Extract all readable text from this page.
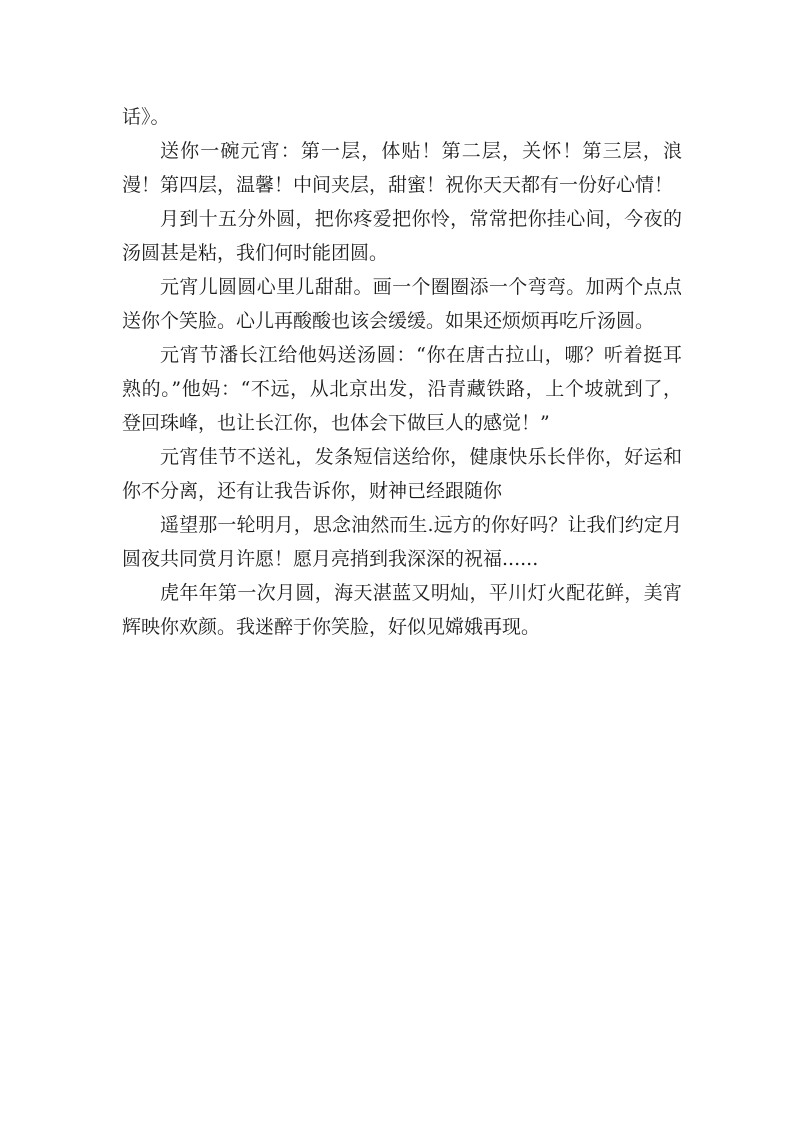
话》。

送你一碗元宵：第一层，体贴！第二层，关怀！第三层，浪漫！第四层，温馨！中间夹层，甜蜜！祝你天天都有一份好心情！

月到十五分外圆，把你疼爱把你怜，常常把你挂心间，今夜的汤圆甚是粘，我们何时能团圆。

元宵儿圆圆心里儿甜甜。画一个圈圈添一个弯弯。加两个点点送你个笑脸。心儿再酸酸也该会缓缓。如果还烦烦再吃斤汤圆。

元宵节潘长江给他妈送汤圆：“你在唐古拉山，哪？听着挺耳熟的。”他妈：“不远，从北京出发，沿青藏铁路，上个坡就到了，登回珠峰，也让长江你，也体会下做巨人的感觉！”

元宵佳节不送礼，发条短信送给你，健康快乐长伴你，好运和你不分离，还有让我告诉你，财神已经跟随你

遥望那一轮明月，思念油然而生.远方的你好吗？让我们约定月圆夜共同赏月许愿！愿月亮捎到我深深的祝福......

虎年年第一次月圆，海天湛蓝又明灿，平川灯火配花鲜，美宵辉映你欢颜。我迷醉于你笑脸，好似见嫦娥再现。
